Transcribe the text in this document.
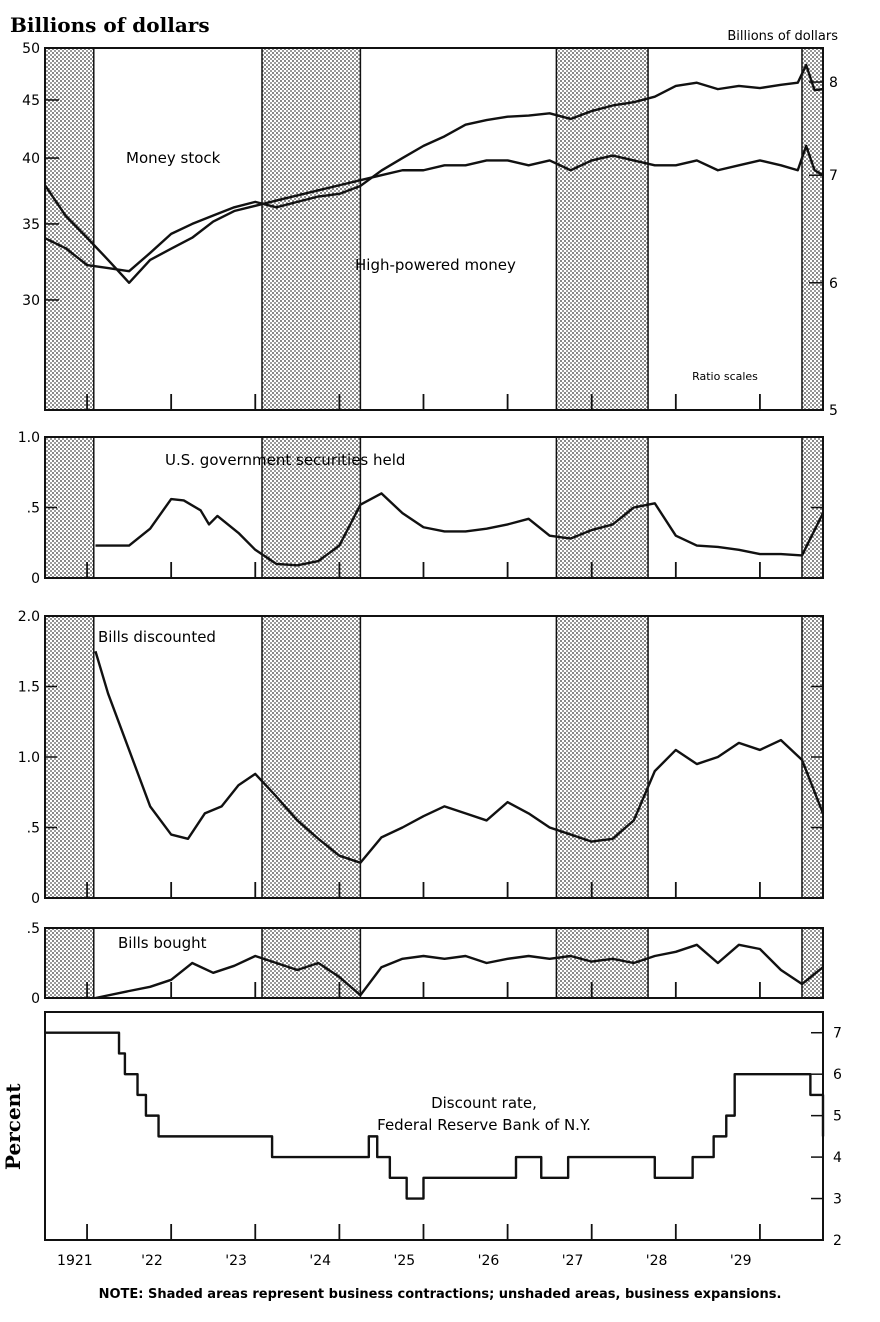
Billions of dollars	Billions of dollars
50
45
40
35
30
8
7
6
5
1.0
.5
0
2.0
1.5
1.0
.5
0
.5
0
7
6
5
4
3
2
1921	'22	'23	'24	'25	'26	'27	'28	'29
Money stock
High-powered money
U.S. government securities held
Bills discounted
Bills bought
Discount rate,
Federal Reserve Bank of N.Y.
Percent
Ratio scales
NOTE: Shaded areas represent business contractions; unshaded areas, business expansions.
